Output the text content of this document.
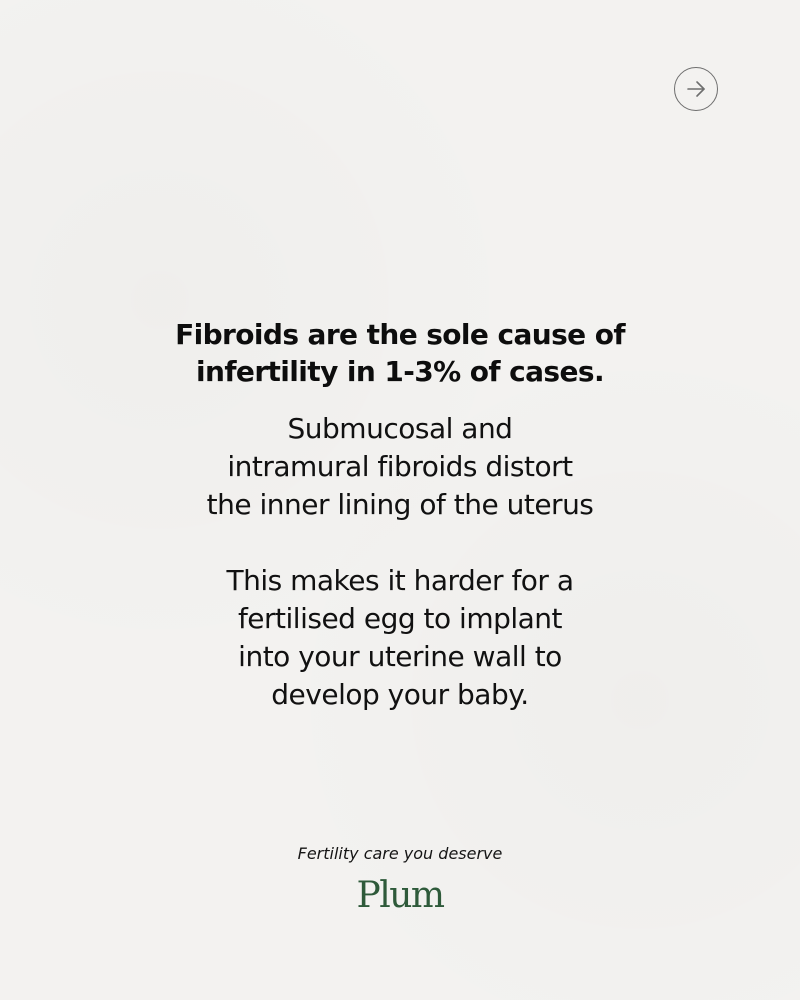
Fibroids are the sole cause of
infertility in 1-3% of cases.

Submucosal and
intramural fibroids distort
the inner lining of the uterus

This makes it harder for a
fertilised egg to implant
into your uterine wall to
develop your baby.

Fertility care you deserve
Plum
